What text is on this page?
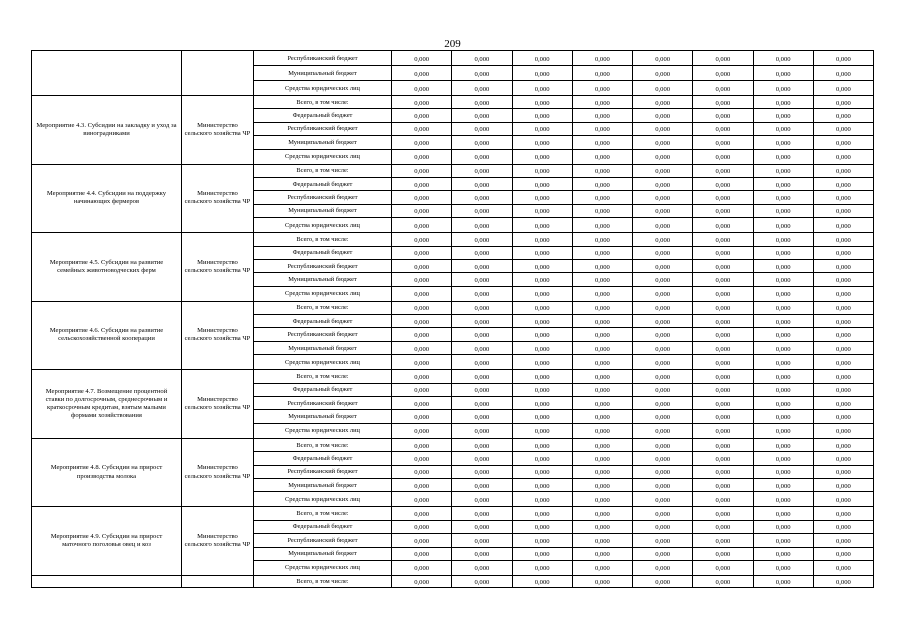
209
		Республиканский бюджет	0,000	0,000	0,000	0,000	0,000	0,000	0,000	0,000
		Муниципальный бюджет	0,000	0,000	0,000	0,000	0,000	0,000	0,000	0,000
		Средства юридических лиц	0,000	0,000	0,000	0,000	0,000	0,000	0,000	0,000
Мероприятие 4.3. Субсидии на закладку и уход за виноградниками	Министерство сельского хозяйства ЧР	Всего, в том числе:	0,000	0,000	0,000	0,000	0,000	0,000	0,000	0,000
		Федеральный бюджет	0,000	0,000	0,000	0,000	0,000	0,000	0,000	0,000
		Республиканский бюджет	0,000	0,000	0,000	0,000	0,000	0,000	0,000	0,000
		Муниципальный бюджет	0,000	0,000	0,000	0,000	0,000	0,000	0,000	0,000
		Средства юридических лиц	0,000	0,000	0,000	0,000	0,000	0,000	0,000	0,000
Мероприятие 4.4. Субсидии на поддержку начинающих фермеров	Министерство сельского хозяйства ЧР	Всего, в том числе:	0,000	0,000	0,000	0,000	0,000	0,000	0,000	0,000
		Федеральный бюджет	0,000	0,000	0,000	0,000	0,000	0,000	0,000	0,000
		Республиканский бюджет	0,000	0,000	0,000	0,000	0,000	0,000	0,000	0,000
		Муниципальный бюджет	0,000	0,000	0,000	0,000	0,000	0,000	0,000	0,000
		Средства юридических лиц	0,000	0,000	0,000	0,000	0,000	0,000	0,000	0,000
Мероприятие 4.5. Субсидии на развитие семейных животноводческих ферм	Министерство сельского хозяйства ЧР	Всего, в том числе:	0,000	0,000	0,000	0,000	0,000	0,000	0,000	0,000
		Федеральный бюджет	0,000	0,000	0,000	0,000	0,000	0,000	0,000	0,000
		Республиканский бюджет	0,000	0,000	0,000	0,000	0,000	0,000	0,000	0,000
		Муниципальный бюджет	0,000	0,000	0,000	0,000	0,000	0,000	0,000	0,000
		Средства юридических лиц	0,000	0,000	0,000	0,000	0,000	0,000	0,000	0,000
Мероприятие 4.6. Субсидии на развитие сельскохозяйственной кооперации	Министерство сельского хозяйства ЧР	Всего, в том числе:	0,000	0,000	0,000	0,000	0,000	0,000	0,000	0,000
		Федеральный бюджет	0,000	0,000	0,000	0,000	0,000	0,000	0,000	0,000
		Республиканский бюджет	0,000	0,000	0,000	0,000	0,000	0,000	0,000	0,000
		Муниципальный бюджет	0,000	0,000	0,000	0,000	0,000	0,000	0,000	0,000
		Средства юридических лиц	0,000	0,000	0,000	0,000	0,000	0,000	0,000	0,000
Мероприятие 4.7. Возмещение процентной ставки по долгосрочным, среднесрочным и краткосрочным кредитам, взятым малыми формами хозяйствования	Министерство сельского хозяйства ЧР	Всего, в том числе:	0,000	0,000	0,000	0,000	0,000	0,000	0,000	0,000
		Федеральный бюджет	0,000	0,000	0,000	0,000	0,000	0,000	0,000	0,000
		Республиканский бюджет	0,000	0,000	0,000	0,000	0,000	0,000	0,000	0,000
		Муниципальный бюджет	0,000	0,000	0,000	0,000	0,000	0,000	0,000	0,000
		Средства юридических лиц	0,000	0,000	0,000	0,000	0,000	0,000	0,000	0,000
Мероприятие 4.8. Субсидии на прирост производства молока	Министерство сельского хозяйства ЧР	Всего, в том числе:	0,000	0,000	0,000	0,000	0,000	0,000	0,000	0,000
		Федеральный бюджет	0,000	0,000	0,000	0,000	0,000	0,000	0,000	0,000
		Республиканский бюджет	0,000	0,000	0,000	0,000	0,000	0,000	0,000	0,000
		Муниципальный бюджет	0,000	0,000	0,000	0,000	0,000	0,000	0,000	0,000
		Средства юридических лиц	0,000	0,000	0,000	0,000	0,000	0,000	0,000	0,000
Мероприятие 4.9. Субсидии на прирост маточного поголовья овец и коз	Министерство сельского хозяйства ЧР	Всего, в том числе:	0,000	0,000	0,000	0,000	0,000	0,000	0,000	0,000
		Федеральный бюджет	0,000	0,000	0,000	0,000	0,000	0,000	0,000	0,000
		Республиканский бюджет	0,000	0,000	0,000	0,000	0,000	0,000	0,000	0,000
		Муниципальный бюджет	0,000	0,000	0,000	0,000	0,000	0,000	0,000	0,000
		Средства юридических лиц	0,000	0,000	0,000	0,000	0,000	0,000	0,000	0,000
		Всего, в том числе:	0,000	0,000	0,000	0,000	0,000	0,000	0,000	0,000
